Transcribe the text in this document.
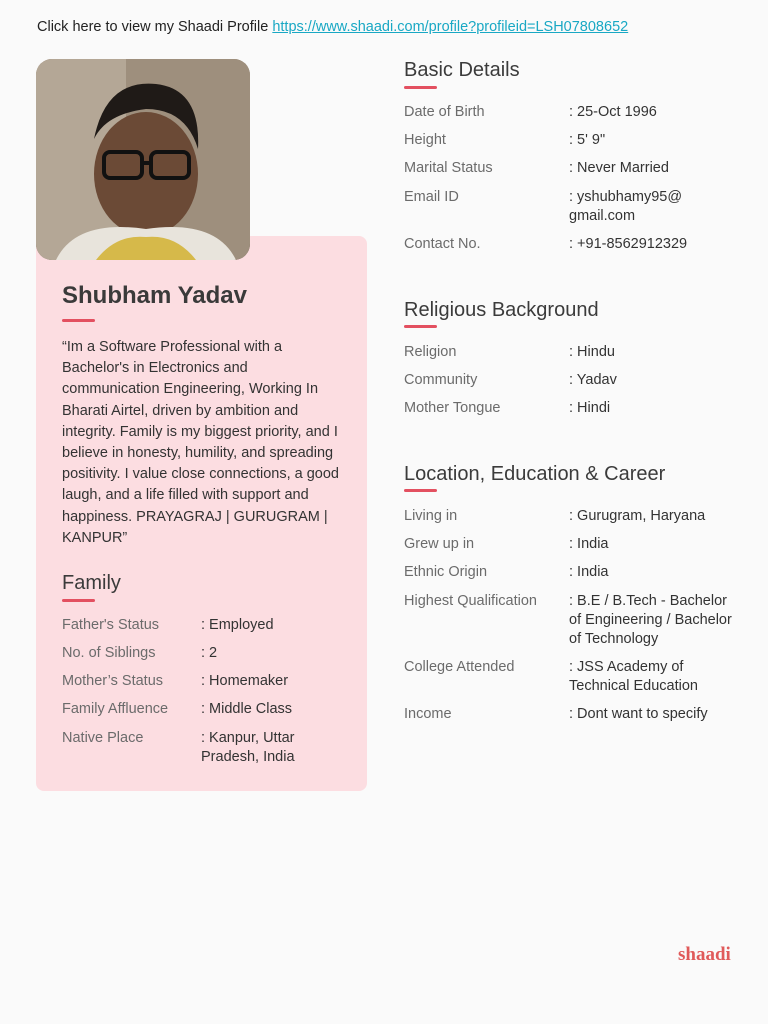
Click here to view my Shaadi Profile https://www.shaadi.com/profile?profileid=LSH07808652
Shubham Yadav
“Im a Software Professional with a Bachelor's in Electronics and communication Engineering, Working In Bharati Airtel, driven by ambition and integrity. Family is my biggest priority, and I believe in honesty, humility, and spreading positivity. I value close connections, a good laugh, and a life filled with support and happiness. PRAYAGRAJ | GURUGRAM | KANPUR”
Family
Father's Status	: Employed
No. of Siblings	: 2
Mother’s Status	: Homemaker
Family Affluence : Middle Class
Native Place	: Kanpur, Uttar Pradesh, India
Basic Details
Date of Birth	: 25-Oct 1996
Height	: 5' 9"
Marital Status	: Never Married
Email ID	: yshubhamy95@ gmail.com
Contact No.	: +91-8562912329
Religious Background
Religion	: Hindu
Community	: Yadav
Mother Tongue	: Hindi
Location, Education & Career
Living in	: Gurugram, Haryana
Grew up in	: India
Ethnic Origin	: India
Highest Qualification : B.E / B.Tech - Bachelor of Engineering / Bachelor of Technology
College Attended	: JSS Academy of Technical Education
Income	: Dont want to specify
shaadi
